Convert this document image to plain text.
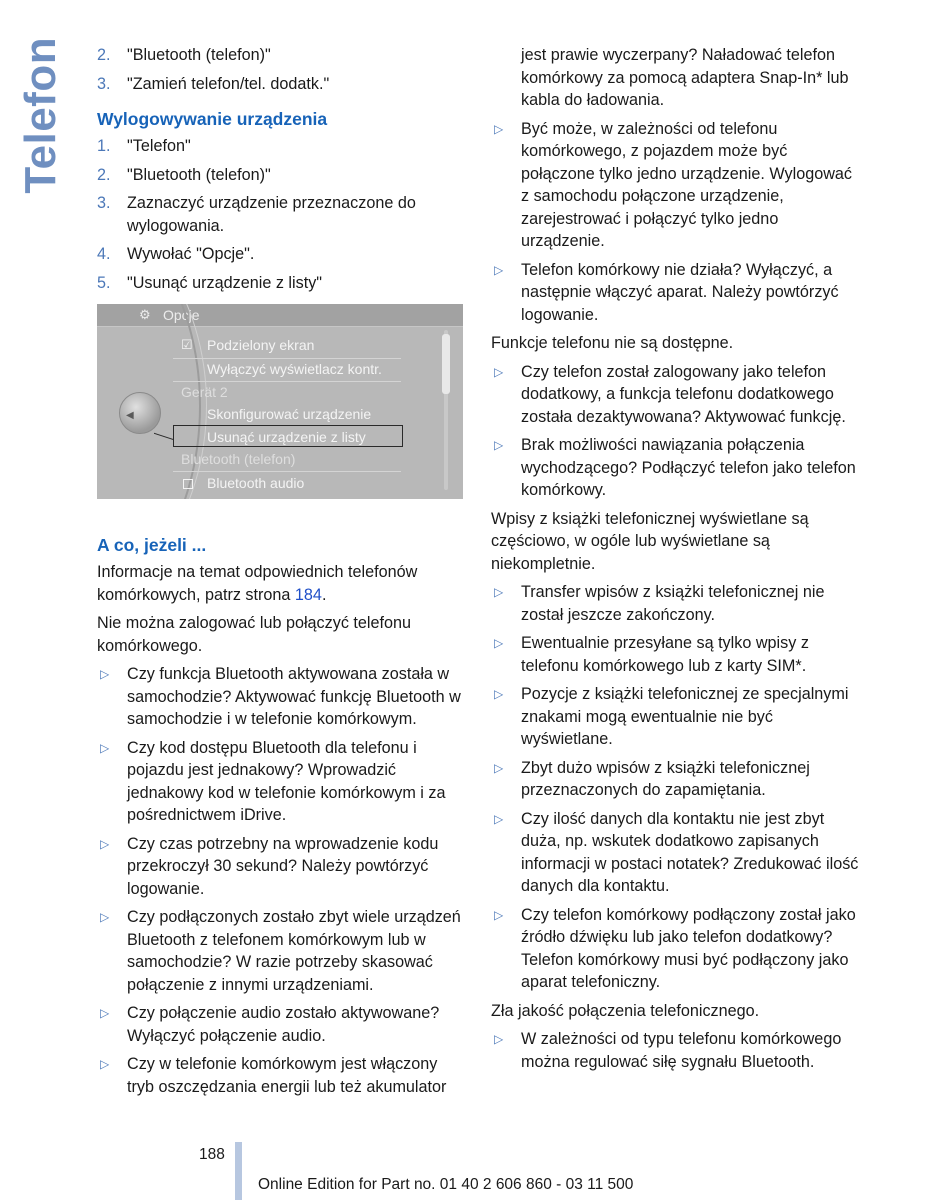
Telefon 2. "Bluetooth (telefon)"
3. "Zamień telefon/tel. dodatk."
Wylogowywanie urządzenia
1. "Telefon"
2. "Bluetooth (telefon)"
3. Zaznaczyć urządzenie przeznaczone do wylogowania.
4. Wywołać "Opcje".
5. "Usunąć urządzenie z listy"
⚙ Opcje
◀
☑ Podzielony ekran
Wyłączyć wyświetlacz kontr.
Gerät 2
Skonfigurować urządzenie
Usunąć urządzenie z listy
Bluetooth (telefon)
Bluetooth audio
A co, jeżeli ...

Informacje na temat odpowiednich telefonów komórkowych, patrz strona 184.

Nie można zalogować lub połączyć telefonu komórkowego.

▷ Czy funkcja Bluetooth aktywowana została w samochodzie? Aktywować funkcję Bluetooth w samochodzie i w telefonie komórkowym.
▷ Czy kod dostępu Bluetooth dla telefonu i pojazdu jest jednakowy? Wprowadzić jednakowy kod w telefonie komórkowym i za pośrednictwem iDrive.
▷ Czy czas potrzebny na wprowadzenie kodu przekroczył 30 sekund? Należy powtórzyć logowanie.
▷ Czy podłączonych zostało zbyt wiele urządzeń Bluetooth z telefonem komórkowym lub w samochodzie? W razie potrzeby skasować połączenie z innymi urządzeniami.
▷ Czy połączenie audio zostało aktywowane? Wyłączyć połączenie audio.
▷ Czy w telefonie komórkowym jest włączony tryb oszczędzania energii lub też akumulator

jest prawie wyczerpany? Naładować telefon komórkowy za pomocą adaptera Snap-In* lub kabla do ładowania.

▷ Być może, w zależności od telefonu komórkowego, z pojazdem może być połączone tylko jedno urządzenie. Wylogować z samochodu połączone urządzenie, zarejestrować i połączyć tylko jedno urządzenie.
▷ Telefon komórkowy nie działa? Wyłączyć, a następnie włączyć aparat. Należy powtórzyć logowanie.

Funkcje telefonu nie są dostępne.

▷ Czy telefon został zalogowany jako telefon dodatkowy, a funkcja telefonu dodatkowego została dezaktywowana? Aktywować funkcję.
▷ Brak możliwości nawiązania połączenia wychodzącego? Podłączyć telefon jako telefon komórkowy.

Wpisy z książki telefonicznej wyświetlane są częściowo, w ogóle lub wyświetlane są niekompletnie.

▷ Transfer wpisów z książki telefonicznej nie został jeszcze zakończony.
▷ Ewentualnie przesyłane są tylko wpisy z telefonu komórkowego lub z karty SIM*.
▷ Pozycje z książki telefonicznej ze specjalnymi znakami mogą ewentualnie nie być wyświetlane.
▷ Zbyt dużo wpisów z książki telefonicznej przeznaczonych do zapamiętania.
▷ Czy ilość danych dla kontaktu nie jest zbyt duża, np. wskutek dodatkowo zapisanych informacji w postaci notatek? Zredukować ilość danych dla kontaktu.
▷ Czy telefon komórkowy podłączony został jako źródło dźwięku lub jako telefon dodatkowy? Telefon komórkowy musi być podłączony jako aparat telefoniczny.

Zła jakość połączenia telefonicznego.

▷ W zależności od typu telefonu komórkowego można regulować siłę sygnału Bluetooth.
188
Online Edition for Part no. 01 40 2 606 860 - 03 11 500
